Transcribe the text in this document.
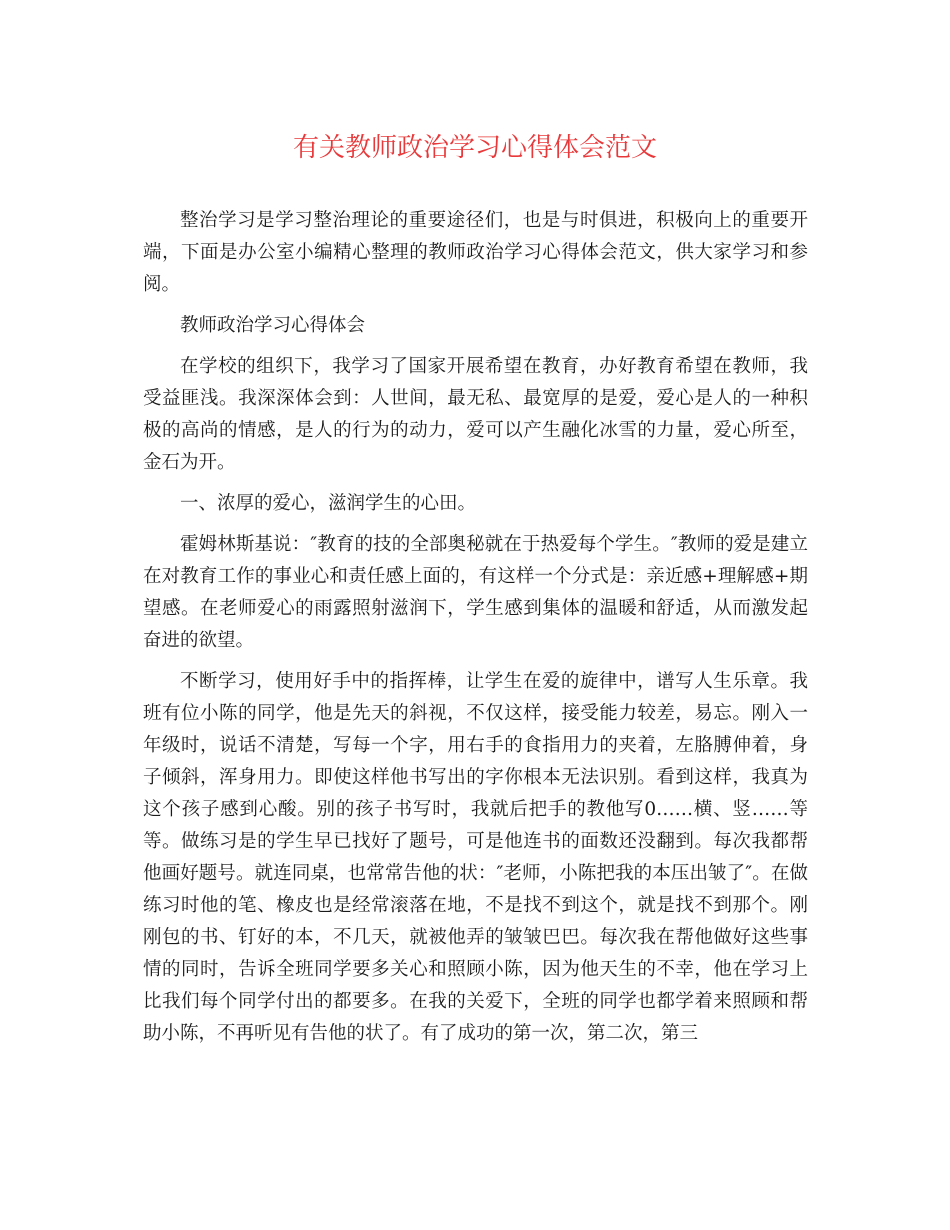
有关教师政治学习心得体会范文

整治学习是学习整治理论的重要途径们，也是与时俱进，积极向上的重要开端，下面是办公室小编精心整理的教师政治学习心得体会范文，供大家学习和参阅。

教师政治学习心得体会

在学校的组织下，我学习了国家开展希望在教育，办好教育希望在教师，我受益匪浅。我深深体会到：人世间，最无私、最宽厚的是爱，爱心是人的一种积极的高尚的情感，是人的行为的动力，爱可以产生融化冰雪的力量，爱心所至，金石为开。

一、浓厚的爱心，滋润学生的心田。

霍姆林斯基说：″教育的技的全部奥秘就在于热爱每个学生。″教师的爱是建立在对教育工作的事业心和责任感上面的，有这样一个分式是：亲近感+理解感+期望感。在老师爱心的雨露照射滋润下，学生感到集体的温暖和舒适，从而激发起奋进的欲望。

不断学习，使用好手中的指挥棒，让学生在爱的旋律中，谱写人生乐章。我班有位小陈的同学，他是先天的斜视，不仅这样，接受能力较差，易忘。刚入一年级时，说话不清楚，写每一个字，用右手的食指用力的夹着，左胳膊伸着，身子倾斜，浑身用力。即使这样他书写出的字你根本无法识别。看到这样，我真为这个孩子感到心酸。别的孩子书写时，我就后把手的教他写0……横、竖……等等。做练习是的学生早已找好了题号，可是他连书的面数还没翻到。每次我都帮他画好题号。就连同桌，也常常告他的状：″老师，小陈把我的本压出皱了″。在做练习时他的笔、橡皮也是经常滚落在地，不是找不到这个，就是找不到那个。刚刚包的书、钉好的本，不几天，就被他弄的皱皱巴巴。每次我在帮他做好这些事情的同时，告诉全班同学要多关心和照顾小陈，因为他天生的不幸，他在学习上比我们每个同学付出的都要多。在我的关爱下，全班的同学也都学着来照顾和帮助小陈，不再听见有告他的状了。有了成功的第一次，第二次，第三
